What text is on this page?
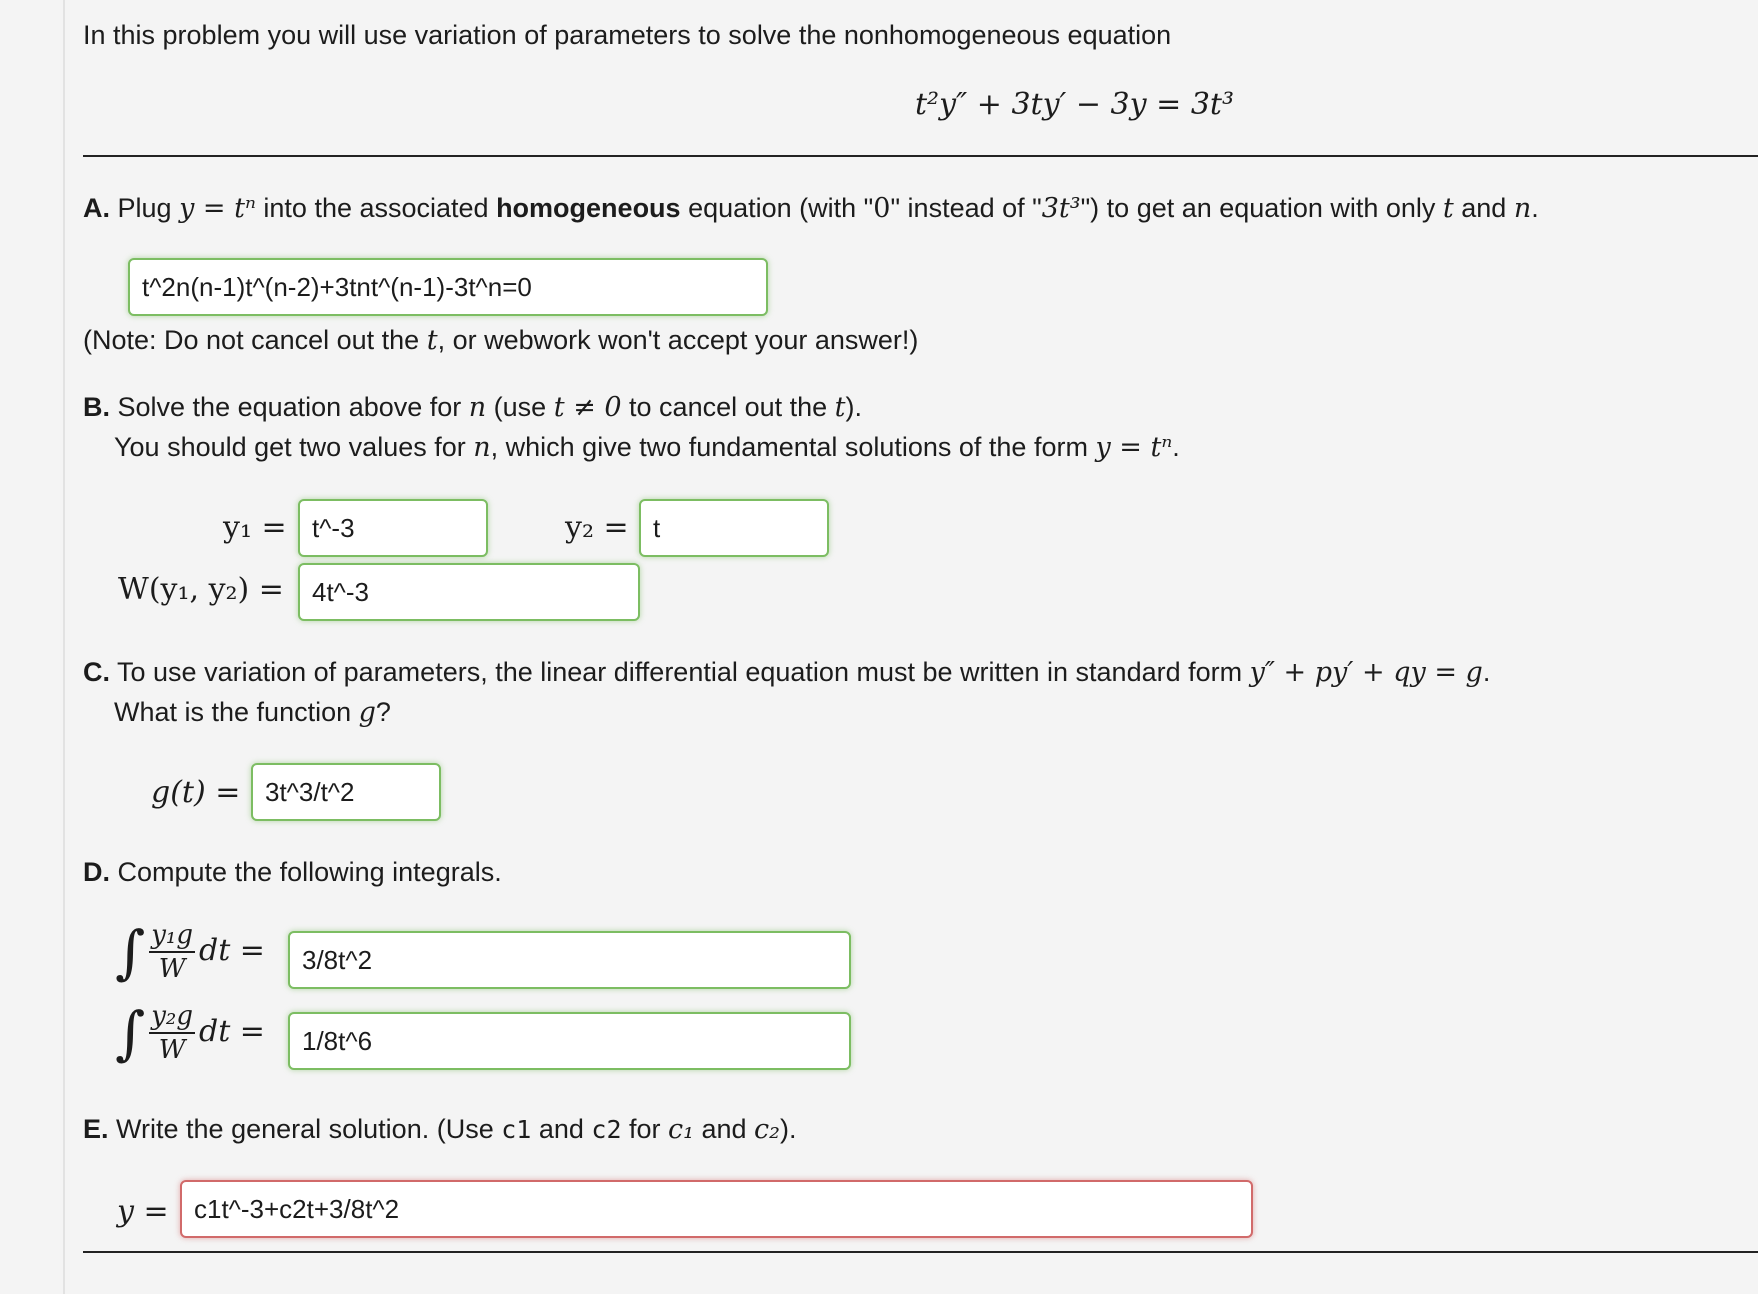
In this problem you will use variation of parameters to solve the nonhomogeneous equation
t²y″ + 3ty′ − 3y = 3t³
A. Plug y = tⁿ into the associated homogeneous equation (with "0" instead of "3t³") to get an equation with only t and n.
t^2n(n-1)t^(n-2)+3tnt^(n-1)-3t^n=0
(Note: Do not cancel out the t, or webwork won't accept your answer!)
B. Solve the equation above for n (use t ≠ 0 to cancel out the t).
You should get two values for n, which give two fundamental solutions of the form y = tⁿ.
y₁ = t^-3	y₂ = t
W(y₁, y₂) =	4t^-3
C. To use variation of parameters, the linear differential equation must be written in standard form y″ + py′ + qy = g.
What is the function g?
g(t) = 3t^3/t^2
D. Compute the following integrals.
∫ $\frac{\text{y₁g}}{W}$ dt =	3/8t^2
∫ $\frac{\text{y₂g}}{W}$ dt =	1/8t^6
E. Write the general solution. (Use c1 and c2 for c₁ and c₂).
y = c1t^-3+c2t+3/8t^2
